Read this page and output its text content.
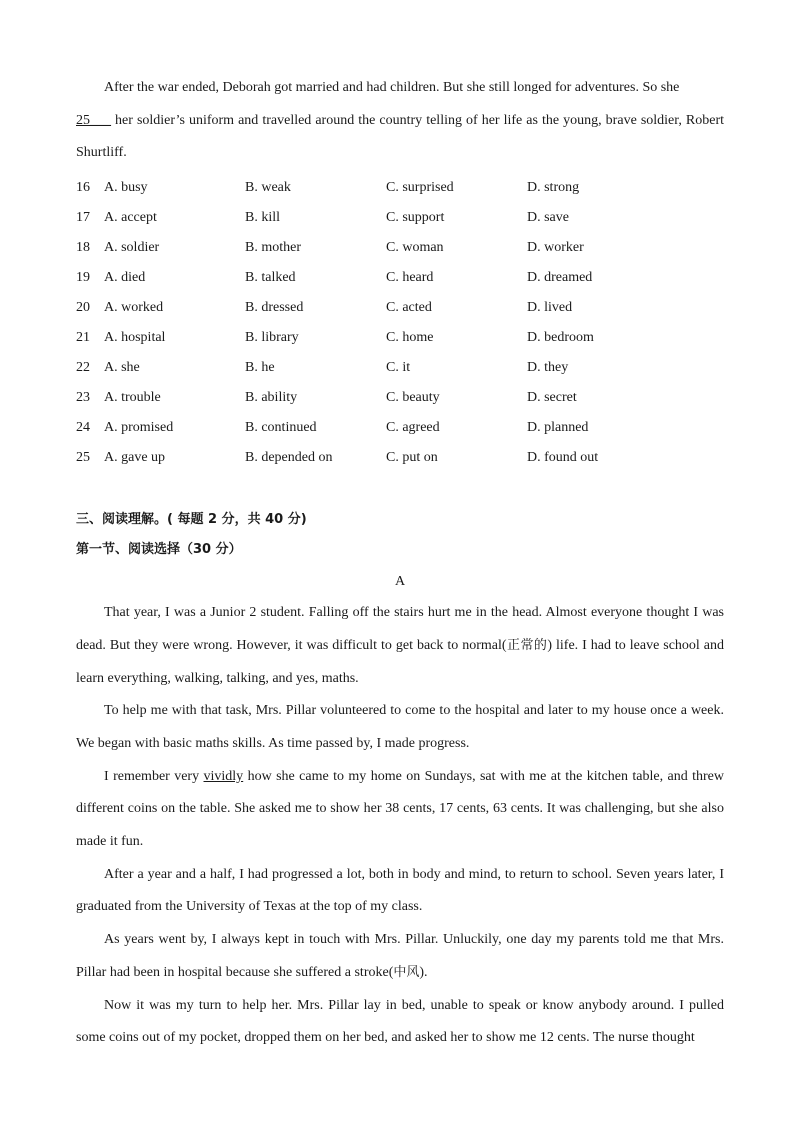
After the war ended, Deborah got married and had children. But she still longed for adventures. So she
25___ her soldier’s uniform and travelled around the country telling of her life as the young, brave soldier, Robert Shurtliff.

16	A. busy	B. weak	C. surprised	D. strong
17	A. accept	B. kill	C. support	D. save
18	A. soldier	B. mother	C. woman	D. worker
19	A. died	B. talked	C. heard	D. dreamed
20	A. worked	B. dressed	C. acted	D. lived
21	A. hospital	B. library	C. home	D. bedroom
22	A. she	B. he	C. it	D. they
23	A. trouble	B. ability	C. beauty	D. secret
24	A. promised	B. continued	C. agreed	D. planned
25	A. gave up	B. depended on	C. put on	D. found out

三、阅读理解。( 每题 2 分，共 40 分)

第一节、阅读选择（30 分）

A

That year, I was a Junior 2 student. Falling off the stairs hurt me in the head. Almost everyone thought I was dead. But they were wrong. However, it was difficult to get back to normal(正常的) life. I had to leave school and learn everything, walking, talking, and yes, maths.

To help me with that task, Mrs. Pillar volunteered to come to the hospital and later to my house once a week. We began with basic maths skills. As time passed by, I made progress.

I remember very vividly how she came to my home on Sundays, sat with me at the kitchen table, and threw different coins on the table. She asked me to show her 38 cents, 17 cents, 63 cents. It was challenging, but she also made it fun.

After a year and a half, I had progressed a lot, both in body and mind, to return to school. Seven years later, I graduated from the University of Texas at the top of my class.

As years went by, I always kept in touch with Mrs. Pillar. Unluckily, one day my parents told me that Mrs. Pillar had been in hospital because she suffered a stroke(中风).

Now it was my turn to help her. Mrs. Pillar lay in bed, unable to speak or know anybody around. I pulled some coins out of my pocket, dropped them on her bed, and asked her to show me 12 cents. The nurse thought
